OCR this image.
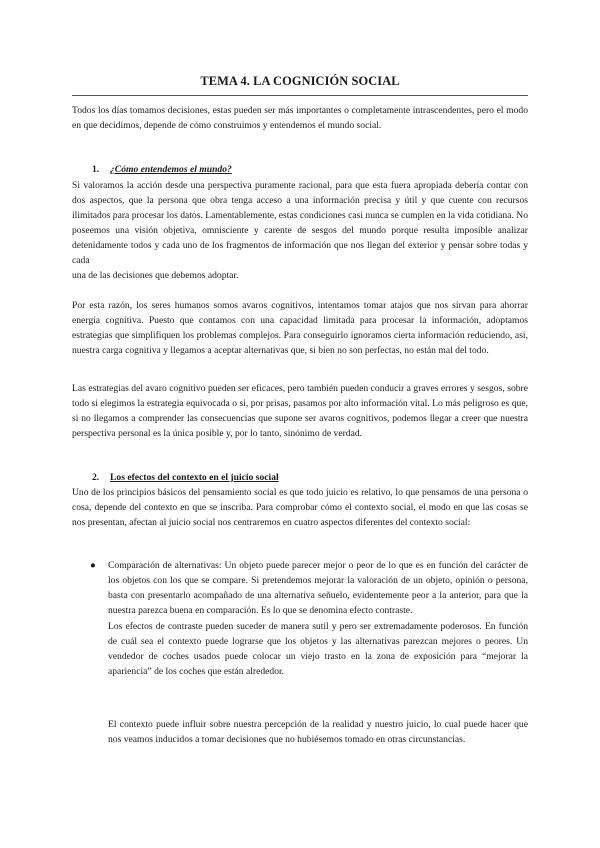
TEMA 4. LA COGNICIÓN SOCIAL

Todos los días tomamos decisiones, estas pueden ser más importantes o completamente intrascendentes, pero el modo en que decidimos, depende de cómo construimos y entendemos el mundo social.

1. ¿Cómo entendemos el mundo?

Si valoramos la acción desde una perspectiva puramente racional, para que esta fuera apropiada debería contar con dos aspectos, que la persona que obra tenga acceso a una información precisa y útil y que cuente con recursos ilimitados para procesar los datos. Lamentablemente, estas condiciones casi nunca se cumplen en la vida cotidiana. No poseemos una visión objetiva, omnisciente y carente de sesgos del mundo porque resulta imposible analizar detenidamente todos y cada uno de los fragmentos de información que nos llegan del exterior y pensar sobre todas y cada

una de las decisiones que debemos adoptar.

Por esta razón, los seres humanos somos avaros cognitivos, intentamos tomar atajos que nos sirvan para ahorrar energía cognitiva. Puesto que contamos con una capacidad limitada para procesar la información, adoptamos estrategias que simplifiquen los problemas complejos. Para conseguirlo ignoramos cierta información reduciendo, así, nuestra carga cognitiva y llegamos a aceptar alternativas que, si bien no son perfectas, no están mal del todo.

Las estrategias del avaro cognitivo pueden ser eficaces, pero también pueden conducir a graves errores y sesgos, sobre todo si elegimos la estrategia equivocada o si, por prisas, pasamos por alto información vital. Lo más peligroso es que, si no llegamos a comprender las consecuencias que supone ser avaros cognitivos, podemos llegar a creer que nuestra perspectiva personal es la única posible y, por lo tanto, sinónimo de verdad.

2. Los efectos del contexto en el juicio social

Uno de los principios básicos del pensamiento social es que todo juicio es relativo, lo que pensamos de una persona o cosa, depende del contexto en que se inscriba. Para comprobar cómo el contexto social, el modo en que las cosas se nos presentan, afectan al juicio social nos centraremos en cuatro aspectos diferentes del contexto social:

● Comparación de alternativas: Un objeto puede parecer mejor o peor de lo que es en función del carácter de los objetos con los que se compare. Si pretendemos mejorar la valoración de un objeto, opinión o persona, basta con presentarlo acompañado de una alternativa señuelo, evidentemente peor a la anterior, para que la nuestra parezca buena en comparación. Es lo que se denomina efecto contraste.

Los efectos de contraste pueden suceder de manera sutil y pero ser extremadamente poderosos. En función de cuál sea el contexto puede lograrse que los objetos y las alternativas parezcan mejores o peores. Un vendedor de coches usados puede colocar un viejo trasto en la zona de exposición para “mejorar la apariencia” de los coches que están alrededor.

El contexto puede influir sobre nuestra percepción de la realidad y nuestro juicio, lo cual puede hacer que nos veamos inducidos a tomar decisiones que no hubiésemos tomado en otras circunstancias.
